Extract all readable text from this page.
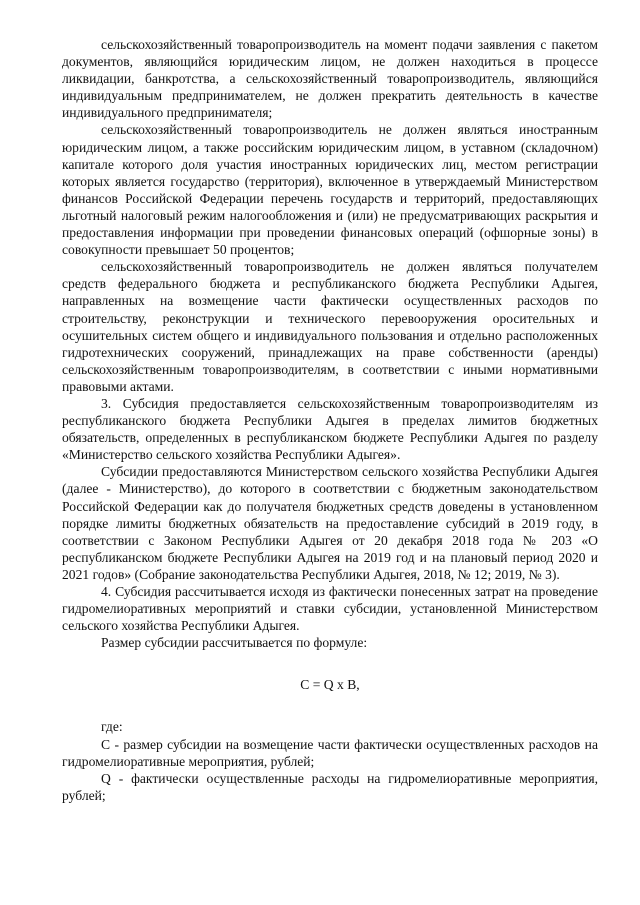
сельскохозяйственный товаропроизводитель на момент подачи заявления с пакетом документов, являющийся юридическим лицом, не должен находиться в процессе ликвидации, банкротства, а сельскохозяйственный товаропроизводитель, являющийся индивидуальным предпринимателем, не должен прекратить деятельность в качестве индивидуального предпринимателя;

сельскохозяйственный товаропроизводитель не должен являться иностранным юридическим лицом, а также российским юридическим лицом, в уставном (складочном) капитале которого доля участия иностранных юридических лиц, местом регистрации которых является государство (территория), включенное в утверждаемый Министерством финансов Российской Федерации перечень государств и территорий, предоставляющих льготный налоговый режим налогообложения и (или) не предусматривающих раскрытия и предоставления информации при проведении финансовых операций (офшорные зоны) в совокупности превышает 50 процентов;

сельскохозяйственный товаропроизводитель не должен являться получателем средств федерального бюджета и республиканского бюджета Республики Адыгея, направленных на возмещение части фактически осуществленных расходов по строительству, реконструкции и технического перевооружения оросительных и осушительных систем общего и индивидуального пользования и отдельно расположенных гидротехнических сооружений, принадлежащих на праве собственности (аренды) сельскохозяйственным товаропроизводителям, в соответствии с иными нормативными правовыми актами.

3. Субсидия предоставляется сельскохозяйственным товаропроизводителям из республиканского бюджета Республики Адыгея в пределах лимитов бюджетных обязательств, определенных в республиканском бюджете Республики Адыгея по разделу «Министерство сельского хозяйства Республики Адыгея».

Субсидии предоставляются Министерством сельского хозяйства Республики Адыгея (далее - Министерство), до которого в соответствии с бюджетным законодательством Российской Федерации как до получателя бюджетных средств доведены в установленном порядке лимиты бюджетных обязательств на предоставление субсидий в 2019 году, в соответствии с Законом Республики Адыгея от 20 декабря 2018 года № 203 «О республиканском бюджете Республики Адыгея на 2019 год и на плановый период 2020 и 2021 годов» (Собрание законодательства Республики Адыгея, 2018, № 12; 2019, № 3).

4. Субсидия рассчитывается исходя из фактически понесенных затрат на проведение гидромелиоративных мероприятий и ставки субсидии, установленной Министерством сельского хозяйства Республики Адыгея.

Размер субсидии рассчитывается по формуле:

С = Q х В,

где:

С - размер субсидии на возмещение части фактически осуществленных расходов на гидромелиоративные мероприятия, рублей;

Q - фактически осуществленные расходы на гидромелиоративные мероприятия, рублей;
